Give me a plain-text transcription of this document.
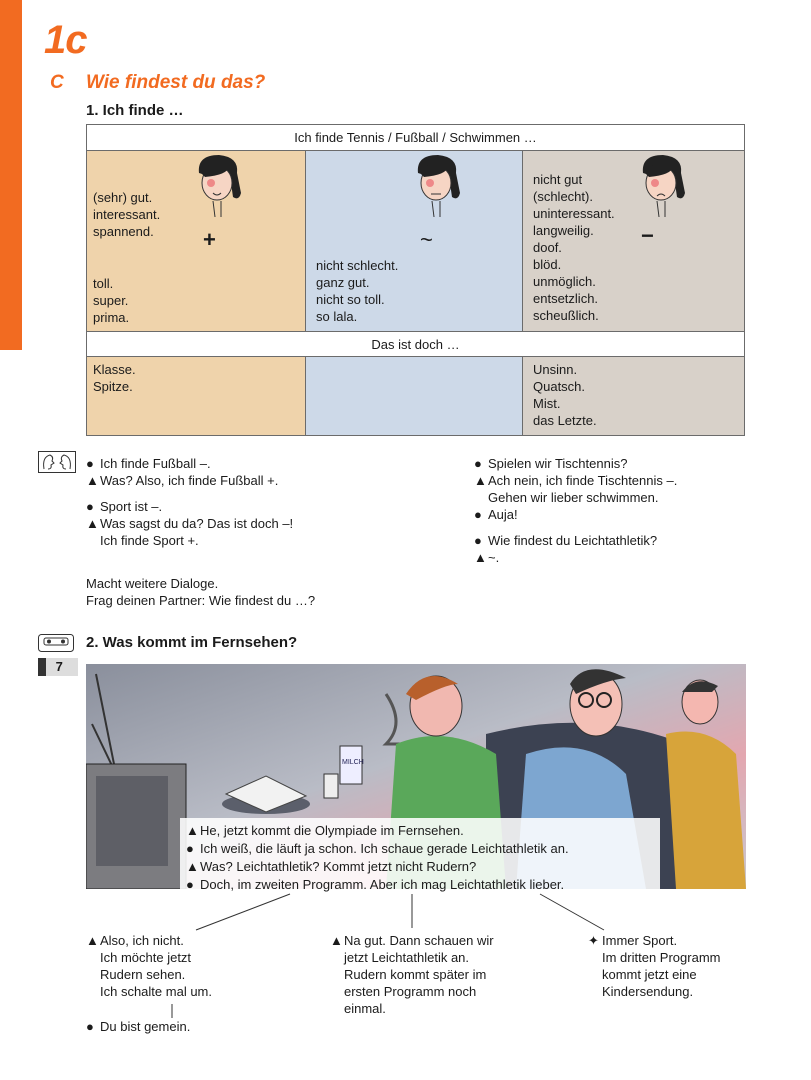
1c
C Wie findest du das?
1. Ich finde …
Ich finde Tennis / Fußball / Schwimmen …
(sehr) gut.
interessant.
spannend. +
toll.
super.
prima.
~
nicht schlecht.
ganz gut.
nicht so toll.
so lala.
−
nicht gut
(schlecht).
uninteressant.
langweilig.
doof.
blöd.
unmöglich.
entsetzlich.
scheußlich.
Das ist doch …
Klasse.
Spitze.
Unsinn.
Quatsch.
Mist.
das Letzte.
● Ich finde Fußball –.
▲Was? Also, ich finde Fußball +.
● Sport ist –.
▲Was sagst du da? Das ist doch –!
Ich finde Sport +.
● Spielen wir Tischtennis?
▲Ach nein, ich finde Tischtennis –.
Gehen wir lieber schwimmen.
● Auja!
● Wie findest du Leichtathletik?
▲~.
Macht weitere Dialoge.
Frag deinen Partner: Wie findest du …?
7
2. Was kommt im Fernsehen?
MILCH
▲He, jetzt kommt die Olympiade im Fernsehen.
● Ich weiß, die läuft ja schon. Ich schaue gerade Leichtathletik an.
▲Was? Leichtathletik? Kommt jetzt nicht Rudern?
● Doch, im zweiten Programm. Aber ich mag Leichtathletik lieber.
▲Also, ich nicht.
Ich möchte jetzt
Rudern sehen.
Ich schalte mal um.
● Du bist gemein.
▲Na gut. Dann schauen wir
jetzt Leichtathletik an.
Rudern kommt später im
ersten Programm noch
einmal.
✦ Immer Sport.
Im dritten Programm
kommt jetzt eine
Kindersendung.
